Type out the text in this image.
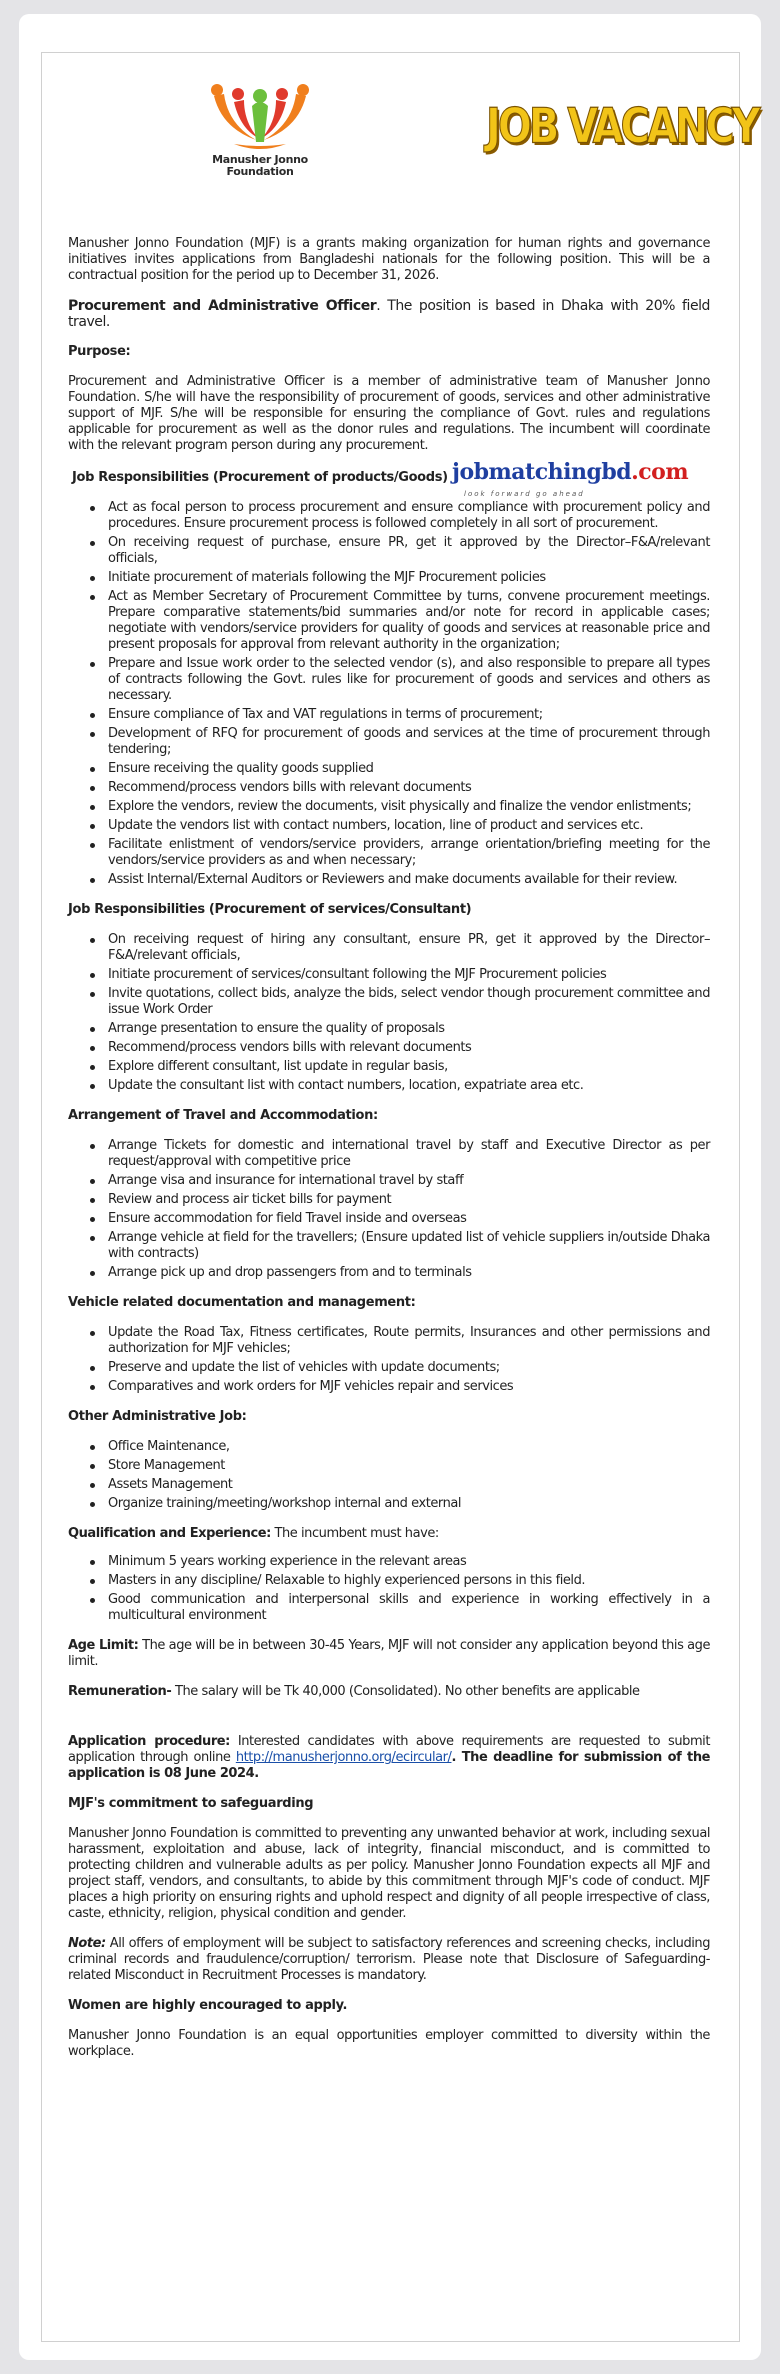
Manusher Jonno
Foundation
JOB VACANCY

Manusher Jonno Foundation (MJF) is a grants making organization for human rights and governance initiatives invites applications from Bangladeshi nationals for the following position. This will be a contractual position for the period up to December 31, 2026.

Procurement and Administrative Officer. The position is based in Dhaka with 20% field travel.

Purpose:

Procurement and Administrative Officer is a member of administrative team of Manusher Jonno Foundation. S/he will have the responsibility of procurement of goods, services and other administrative support of MJF. S/he will be responsible for ensuring the compliance of Govt. rules and regulations applicable for procurement as well as the donor rules and regulations. The incumbent will coordinate with the relevant program person during any procurement.

Job Responsibilities (Procurement of products/Goods) jobmatchingbd.com
look forward go ahead
Act as focal person to process procurement and ensure compliance with procurement policy and procedures. Ensure procurement process is followed completely in all sort of procurement.
On receiving request of purchase, ensure PR, get it approved by the Director–F&A/relevant officials,
Initiate procurement of materials following the MJF Procurement policies
Act as Member Secretary of Procurement Committee by turns, convene procurement meetings. Prepare comparative statements/bid summaries and/or note for record in applicable cases; negotiate with vendors/service providers for quality of goods and services at reasonable price and present proposals for approval from relevant authority in the organization;
Prepare and Issue work order to the selected vendor (s), and also responsible to prepare all types of contracts following the Govt. rules like for procurement of goods and services and others as necessary.
Ensure compliance of Tax and VAT regulations in terms of procurement;
Development of RFQ for procurement of goods and services at the time of procurement through tendering;
Ensure receiving the quality goods supplied
Recommend/process vendors bills with relevant documents
Explore the vendors, review the documents, visit physically and finalize the vendor enlistments;
Update the vendors list with contact numbers, location, line of product and services etc.
Facilitate enlistment of vendors/service providers, arrange orientation/briefing meeting for the vendors/service providers as and when necessary;
Assist Internal/External Auditors or Reviewers and make documents available for their review.
Job Responsibilities (Procurement of services/Consultant)
On receiving request of hiring any consultant, ensure PR, get it approved by the Director–F&A/relevant officials,
Initiate procurement of services/consultant following the MJF Procurement policies
Invite quotations, collect bids, analyze the bids, select vendor though procurement committee and issue Work Order
Arrange presentation to ensure the quality of proposals
Recommend/process vendors bills with relevant documents
Explore different consultant, list update in regular basis,
Update the consultant list with contact numbers, location, expatriate area etc.
Arrangement of Travel and Accommodation:
Arrange Tickets for domestic and international travel by staff and Executive Director as per request/approval with competitive price
Arrange visa and insurance for international travel by staff
Review and process air ticket bills for payment
Ensure accommodation for field Travel inside and overseas
Arrange vehicle at field for the travellers; (Ensure updated list of vehicle suppliers in/outside Dhaka with contracts)
Arrange pick up and drop passengers from and to terminals
Vehicle related documentation and management:
Update the Road Tax, Fitness certificates, Route permits, Insurances and other permissions and authorization for MJF vehicles;
Preserve and update the list of vehicles with update documents;
Comparatives and work orders for MJF vehicles repair and services
Other Administrative Job:
Office Maintenance,
Store Management
Assets Management
Organize training/meeting/workshop internal and external

Qualification and Experience: The incumbent must have:

Minimum 5 years working experience in the relevant areas
Masters in any discipline/ Relaxable to highly experienced persons in this field.
Good communication and interpersonal skills and experience in working effectively in a multicultural environment

Age Limit: The age will be in between 30-45 Years, MJF will not consider any application beyond this age limit.

Remuneration- The salary will be Tk 40,000 (Consolidated). No other benefits are applicable

Application procedure: Interested candidates with above requirements are requested to submit application through online http://manusherjonno.org/ecircular/. The deadline for submission of the application is 08 June 2024.

MJF's commitment to safeguarding

Manusher Jonno Foundation is committed to preventing any unwanted behavior at work, including sexual harassment, exploitation and abuse, lack of integrity, financial misconduct, and is committed to protecting children and vulnerable adults as per policy. Manusher Jonno Foundation expects all MJF and project staff, vendors, and consultants, to abide by this commitment through MJF's code of conduct. MJF places a high priority on ensuring rights and uphold respect and dignity of all people irrespective of class, caste, ethnicity, religion, physical condition and gender.

Note: All offers of employment will be subject to satisfactory references and screening checks, including criminal records and fraudulence/corruption/ terrorism. Please note that Disclosure of Safeguarding-related Misconduct in Recruitment Processes is mandatory.

Women are highly encouraged to apply.

Manusher Jonno Foundation is an equal opportunities employer committed to diversity within the workplace.
